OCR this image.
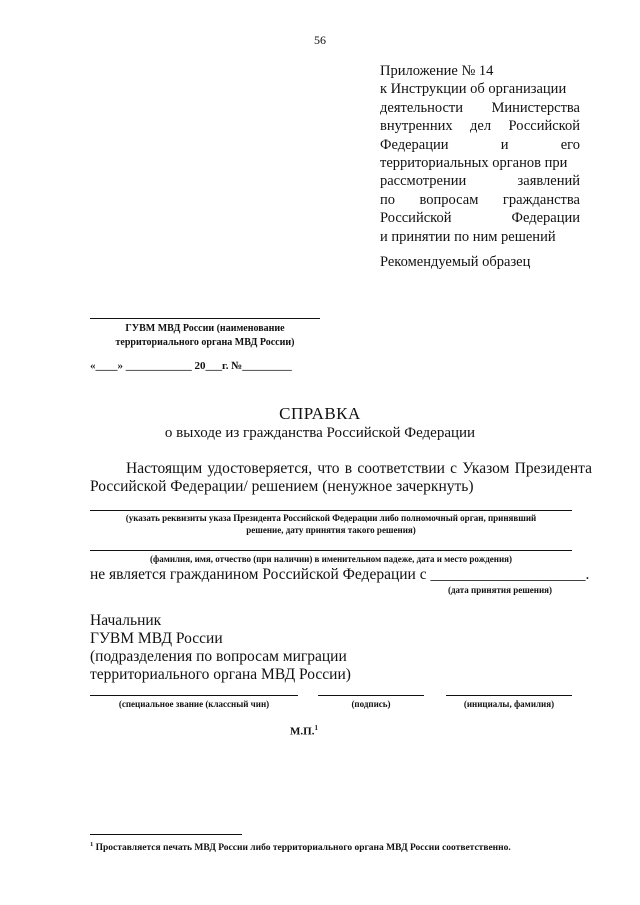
56
Приложение № 14
к Инструкции об организации
деятельности Министерства
внутренних дел Российской
Федерации	и	его
территориальных органов при
рассмотрении	заявлений
по вопросам гражданства
Российской	Федерации
и принятии по ним решений
Рекомендуемый образец
ГУВМ МВД России (наименование
территориального органа МВД России)
«____» ____________ 20___г. №_________
СПРАВКА
о выходе из гражданства Российской Федерации
Настоящим удостоверяется, что в соответствии с Указом Президента
Российской Федерации/ решением (ненужное зачеркнуть)
(указать реквизиты указа Президента Российской Федерации либо полномочный орган, принявший
решение, дату принятия такого решения)
(фамилия, имя, отчество (при наличии) в именительном падеже, дата и место рождения)
не является гражданином Российской Федерации с ____________________.
(дата принятия решения)
Начальник
ГУВМ МВД России
(подразделения по вопросам миграции
территориального органа МВД России)
(специальное звание (классный чин)	(подпись)	(инициалы, фамилия)
М.П.$^1$
$^1$ Проставляется печать МВД России либо территориального органа МВД России соответственно.
